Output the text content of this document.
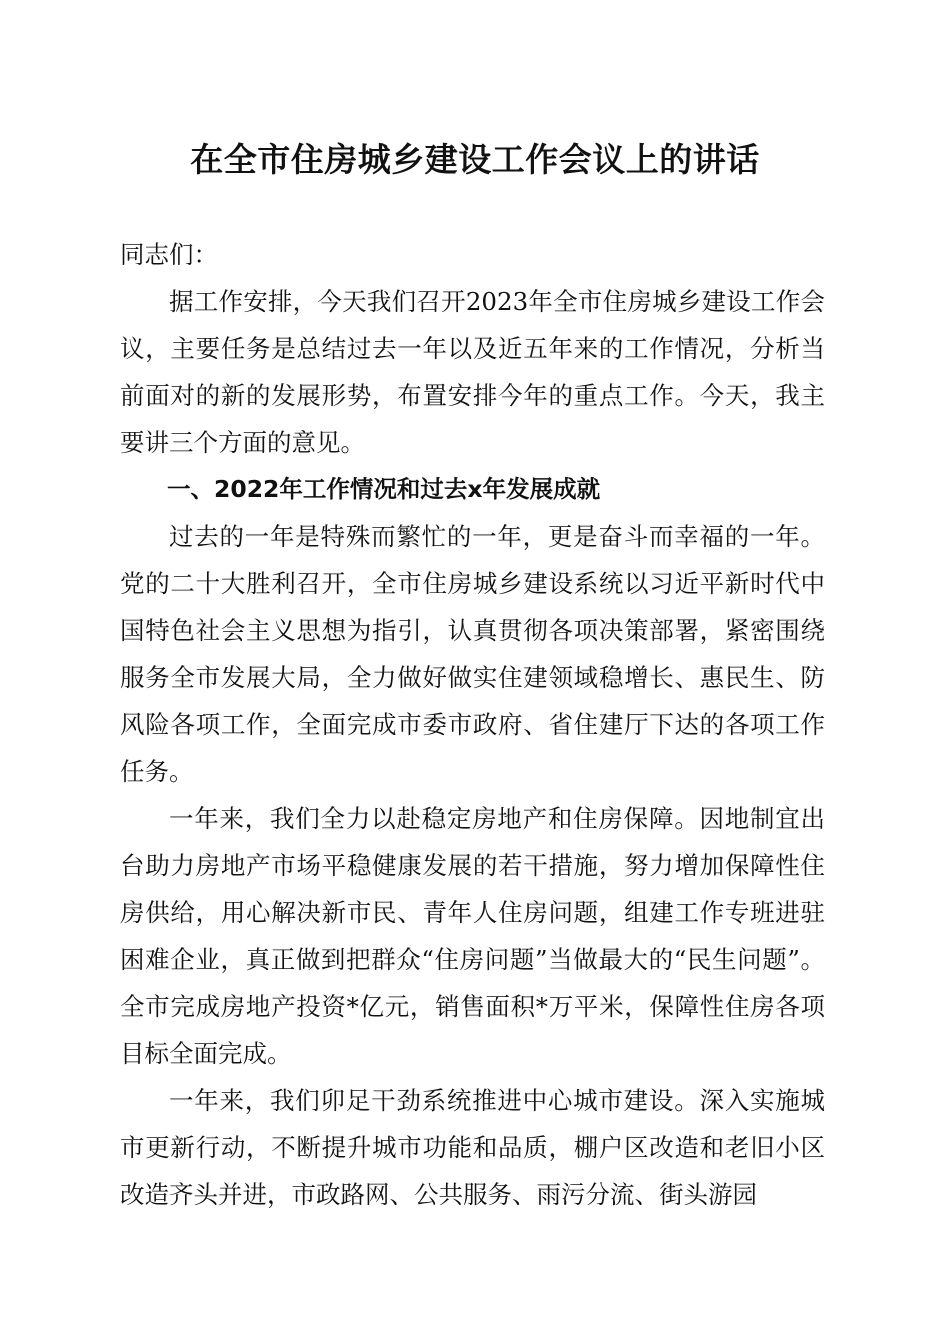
在全市住房城乡建设工作会议上的讲话

同志们：

据工作安排，今天我们召开2023年全市住房城乡建设工作会议，主要任务是总结过去一年以及近五年来的工作情况，分析当前面对的新的发展形势，布置安排今年的重点工作。今天，我主要讲三个方面的意见。

一、2022年工作情况和过去x年发展成就

过去的一年是特殊而繁忙的一年，更是奋斗而幸福的一年。党的二十大胜利召开，全市住房城乡建设系统以习近平新时代中国特色社会主义思想为指引，认真贯彻各项决策部署，紧密围绕服务全市发展大局，全力做好做实住建领域稳增长、惠民生、防风险各项工作，全面完成市委市政府、省住建厅下达的各项工作任务。

一年来，我们全力以赴稳定房地产和住房保障。因地制宜出台助力房地产市场平稳健康发展的若干措施，努力增加保障性住房供给，用心解决新市民、青年人住房问题，组建工作专班进驻困难企业，真正做到把群众“住房问题”当做最大的“民生问题”。全市完成房地产投资*亿元，销售面积*万平米，保障性住房各项目标全面完成。

一年来，我们卯足干劲系统推进中心城市建设。深入实施城市更新行动，不断提升城市功能和品质，棚户区改造和老旧小区改造齐头并进，市政路网、公共服务、雨污分流、街头游园
